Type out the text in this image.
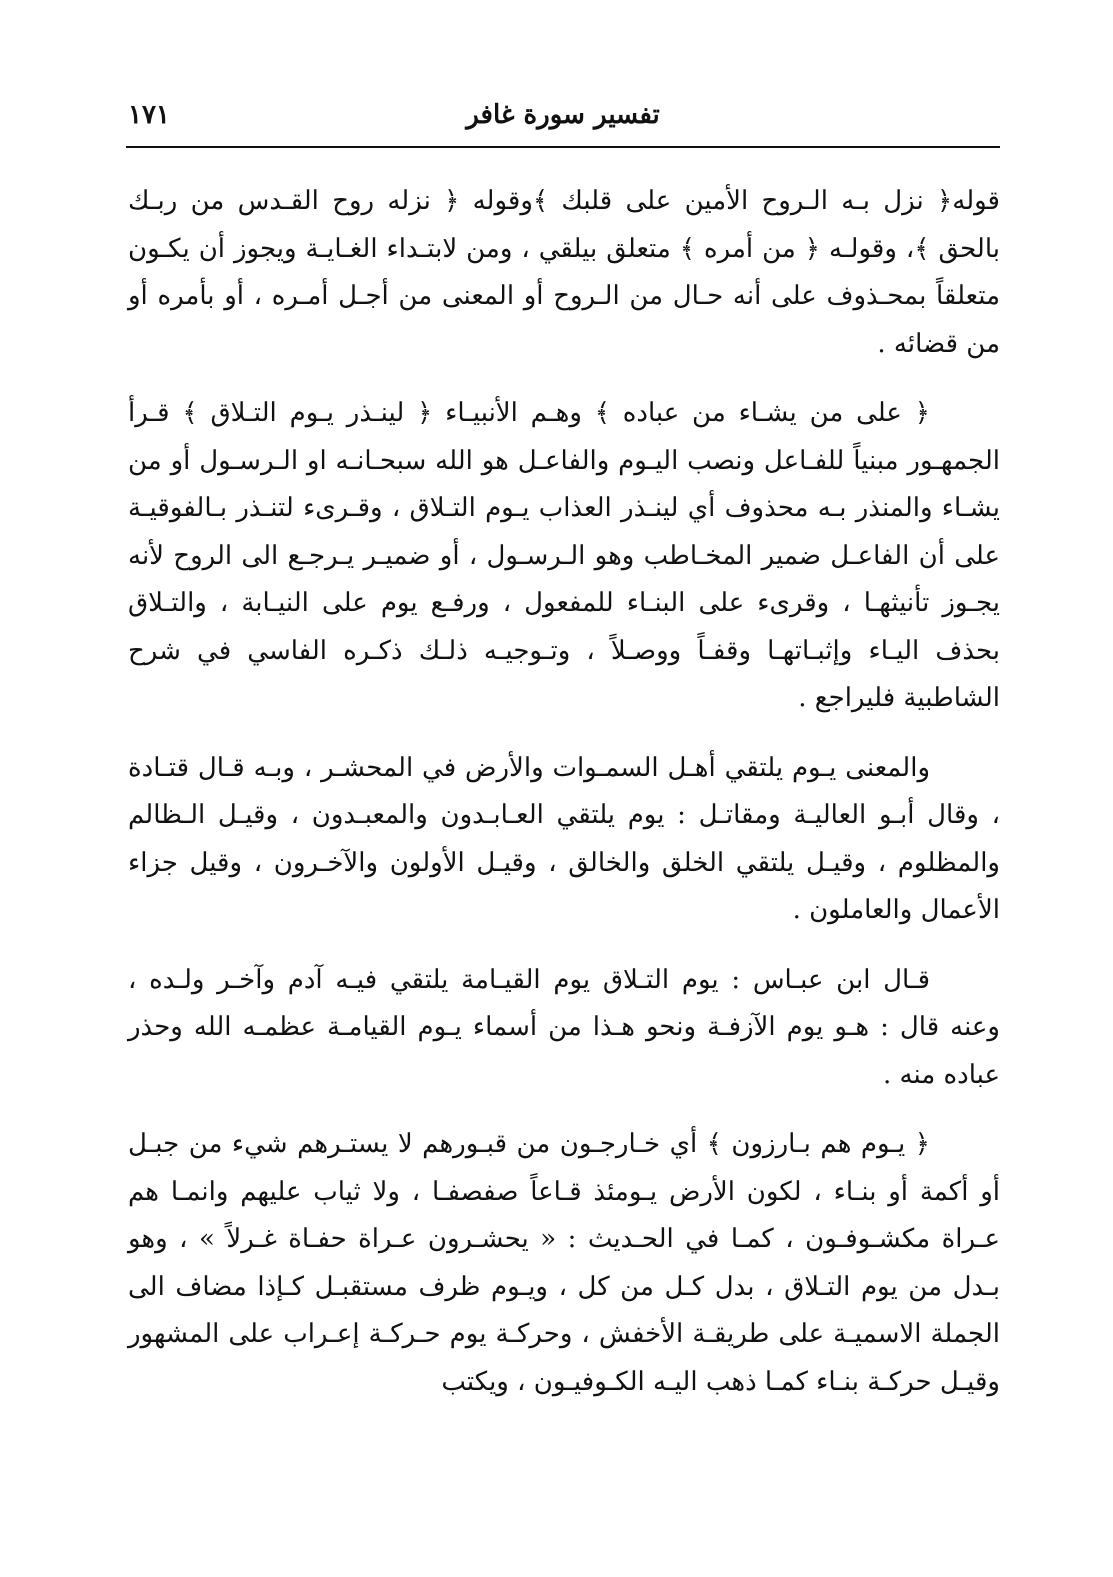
١٧١	تفسير سورة غافر

قوله﴿ نزل بـه الـروح الأمين على قلبك ﴾وقوله ﴿ نزله روح القـدس من ربـك بالحق ﴾، وقولـه ﴿ من أمره ﴾ متعلق بيلقي ، ومن لابتـداء الغـايـة ويجوز أن يكـون متعلقاً بمحـذوف على أنه حـال من الـروح أو المعنى من أجـل أمـره ، أو بأمره أو من قضائه .

﴿ على من يشـاء من عباده ﴾ وهـم الأنبيـاء ﴿ لينـذر يـوم التـلاق ﴾ قـرأ الجمهـور مبنياً للفـاعل ونصب اليـوم والفاعـل هو الله سبحـانـه او الـرسـول أو من يشـاء والمنذر بـه محذوف أي لينـذر العذاب يـوم التـلاق ، وقـرىء لتنـذر بـالفوقيـة على أن الفاعـل ضمير المخـاطب وهو الـرسـول ، أو ضميـر يـرجـع الى الروح لأنه يجـوز تأنيثهـا ، وقرىء على البنـاء للمفعول ، ورفـع يوم على النيـابة ، والتـلاق بحذف اليـاء وإثبـاتهـا وقفـاً ووصـلاً ، وتـوجيـه ذلـك ذكـره الفاسي في شرح الشاطبية فليراجع .

والمعنى يـوم يلتقي أهـل السمـوات والأرض في المحشـر ، وبـه قـال قتـادة ، وقال أبـو العاليـة ومقاتـل : يوم يلتقي العـابـدون والمعبـدون ، وقيـل الـظالم والمظلوم ، وقيـل يلتقي الخلق والخالق ، وقيـل الأولون والآخـرون ، وقيل جزاء الأعمال والعاملون .

قـال ابن عبـاس : يوم التـلاق يوم القيـامة يلتقي فيـه آدم وآخـر ولـده ، وعنه قال : هـو يوم الآزفـة ونحو هـذا من أسماء يـوم القيامـة عظمـه الله وحذر عباده منه .

﴿ يـوم هم بـارزون ﴾ أي خـارجـون من قبـورهم لا يستـرهم شيء من جبـل أو أكمة أو بنـاء ، لكون الأرض يـومئذ قـاعاً صفصفـا ، ولا ثياب عليهم وانمـا هم عـراة مكشـوفـون ، كمـا في الحـديث : « يحشـرون عـراة حفـاة غـرلاً » ، وهو بـدل من يوم التـلاق ، بدل كـل من كل ، ويـوم ظرف مستقبـل كـإذا مضاف الى الجملة الاسميـة على طريقـة الأخفش ، وحركـة يوم حـركـة إعـراب على المشهور وقيـل حركـة بنـاء كمـا ذهب اليـه الكـوفيـون ، ويكتب
